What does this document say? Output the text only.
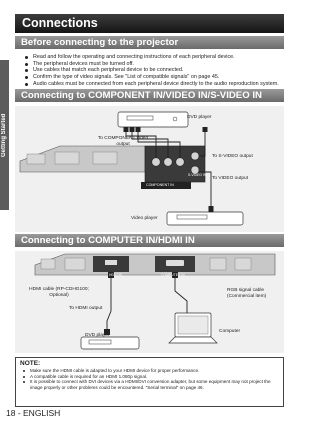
Getting Started
Connections
Before connecting to the projector
Read and follow the operating and connecting instructions of each peripheral device.
The peripheral devices must be turned off.
Use cables that match each peripheral device to be connected.
Confirm the type of video signals. See "List of compatible signals" on page 45.
Audio cables must be connected from each peripheral device directly to the audio reproduction system.
Connecting to COMPONENT IN/VIDEO IN/S-VIDEO IN
DVD player
To COMPONENT video output
To S-VIDEO output
To VIDEO output
Video player
COMPONENT IN
S-VIDEO IN
Connecting to COMPUTER IN/HDMI IN
HDMI IN	COMPUTER IN
HDMI cable (RP-CDHG100; Optional)
To HDMI output
DVD player
RGB signal cable (Commercial item)
Computer
NOTE:
Make sure the HDMI cable is adapted to your HDMI device for proper performance.
A compatible cable is required for an HDMI 1.080p signal.
It is possible to connect with DVI devices via a HDMI/DVI conversion adapter, but some equipment may not project the image properly or other problems could be encountered. "Serial terminal" on page 46.
18 - ENGLISH
